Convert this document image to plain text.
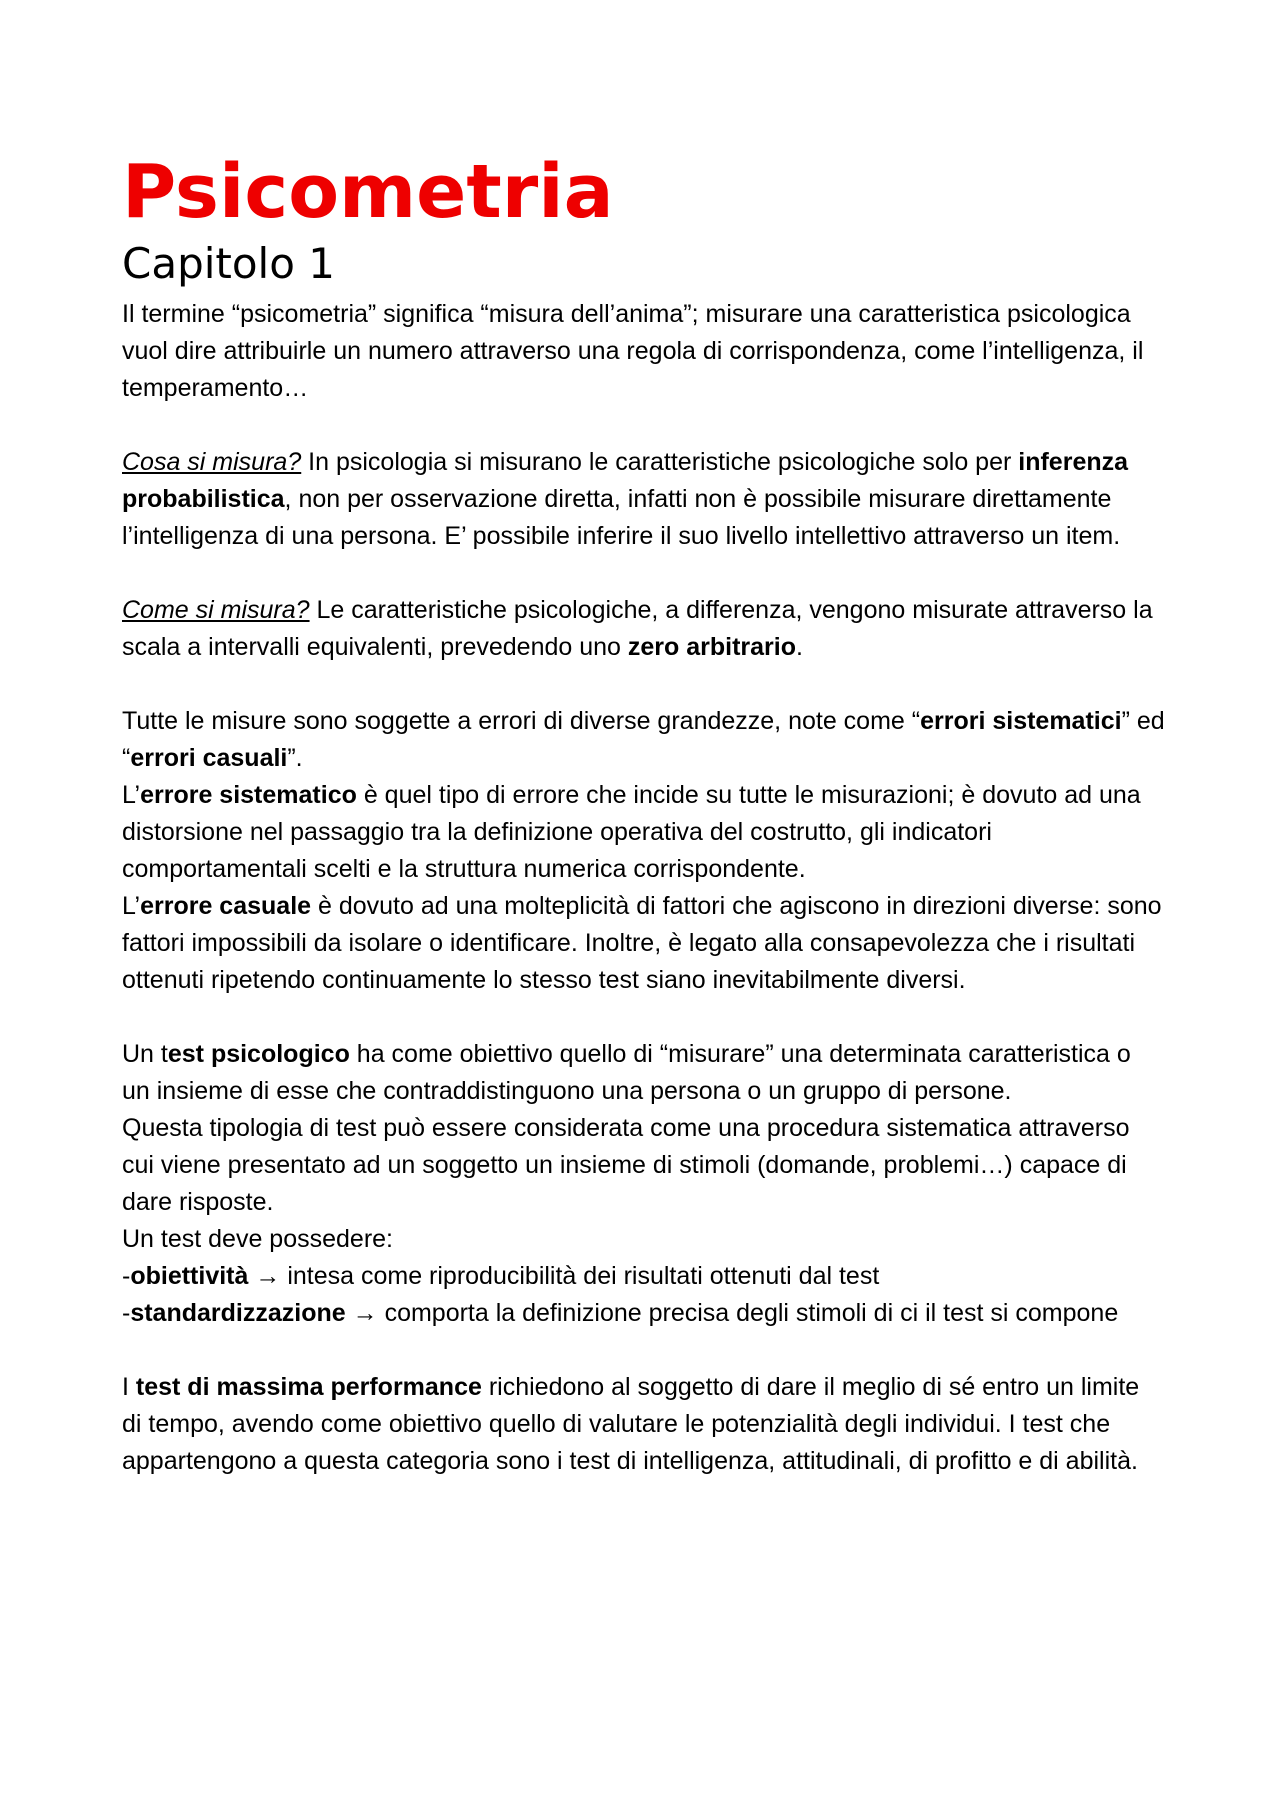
Psicometria
Capitolo 1

Il termine “psicometria” significa “misura dell’anima”; misurare una caratteristica psicologica vuol dire attribuirle un numero attraverso una regola di corrispondenza, come l’intelligenza, il temperamento…

Cosa si misura? In psicologia si misurano le caratteristiche psicologiche solo per inferenza probabilistica, non per osservazione diretta, infatti non è possibile misurare direttamente l’intelligenza di una persona. E’ possibile inferire il suo livello intellettivo attraverso un item.

Come si misura? Le caratteristiche psicologiche, a differenza, vengono misurate attraverso la scala a intervalli equivalenti, prevedendo uno zero arbitrario.

Tutte le misure sono soggette a errori di diverse grandezze, note come “errori sistematici” ed “errori casuali”.

L’errore sistematico è quel tipo di errore che incide su tutte le misurazioni; è dovuto ad una distorsione nel passaggio tra la definizione operativa del costrutto, gli indicatori comportamentali scelti e la struttura numerica corrispondente.

L’errore casuale è dovuto ad una molteplicità di fattori che agiscono in direzioni diverse: sono fattori impossibili da isolare o identificare. Inoltre, è legato alla consapevolezza che i risultati ottenuti ripetendo continuamente lo stesso test siano inevitabilmente diversi.

Un test psicologico ha come obiettivo quello di “misurare” una determinata caratteristica o un insieme di esse che contraddistinguono una persona o un gruppo di persone.

Questa tipologia di test può essere considerata come una procedura sistematica attraverso cui viene presentato ad un soggetto un insieme di stimoli (domande, problemi…) capace di dare risposte.

Un test deve possedere:

-obiettività → intesa come riproducibilità dei risultati ottenuti dal test

-standardizzazione → comporta la definizione precisa degli stimoli di ci il test si compone

I test di massima performance richiedono al soggetto di dare il meglio di sé entro un limite di tempo, avendo come obiettivo quello di valutare le potenzialità degli individui. I test che appartengono a questa categoria sono i test di intelligenza, attitudinali, di profitto e di abilità.
